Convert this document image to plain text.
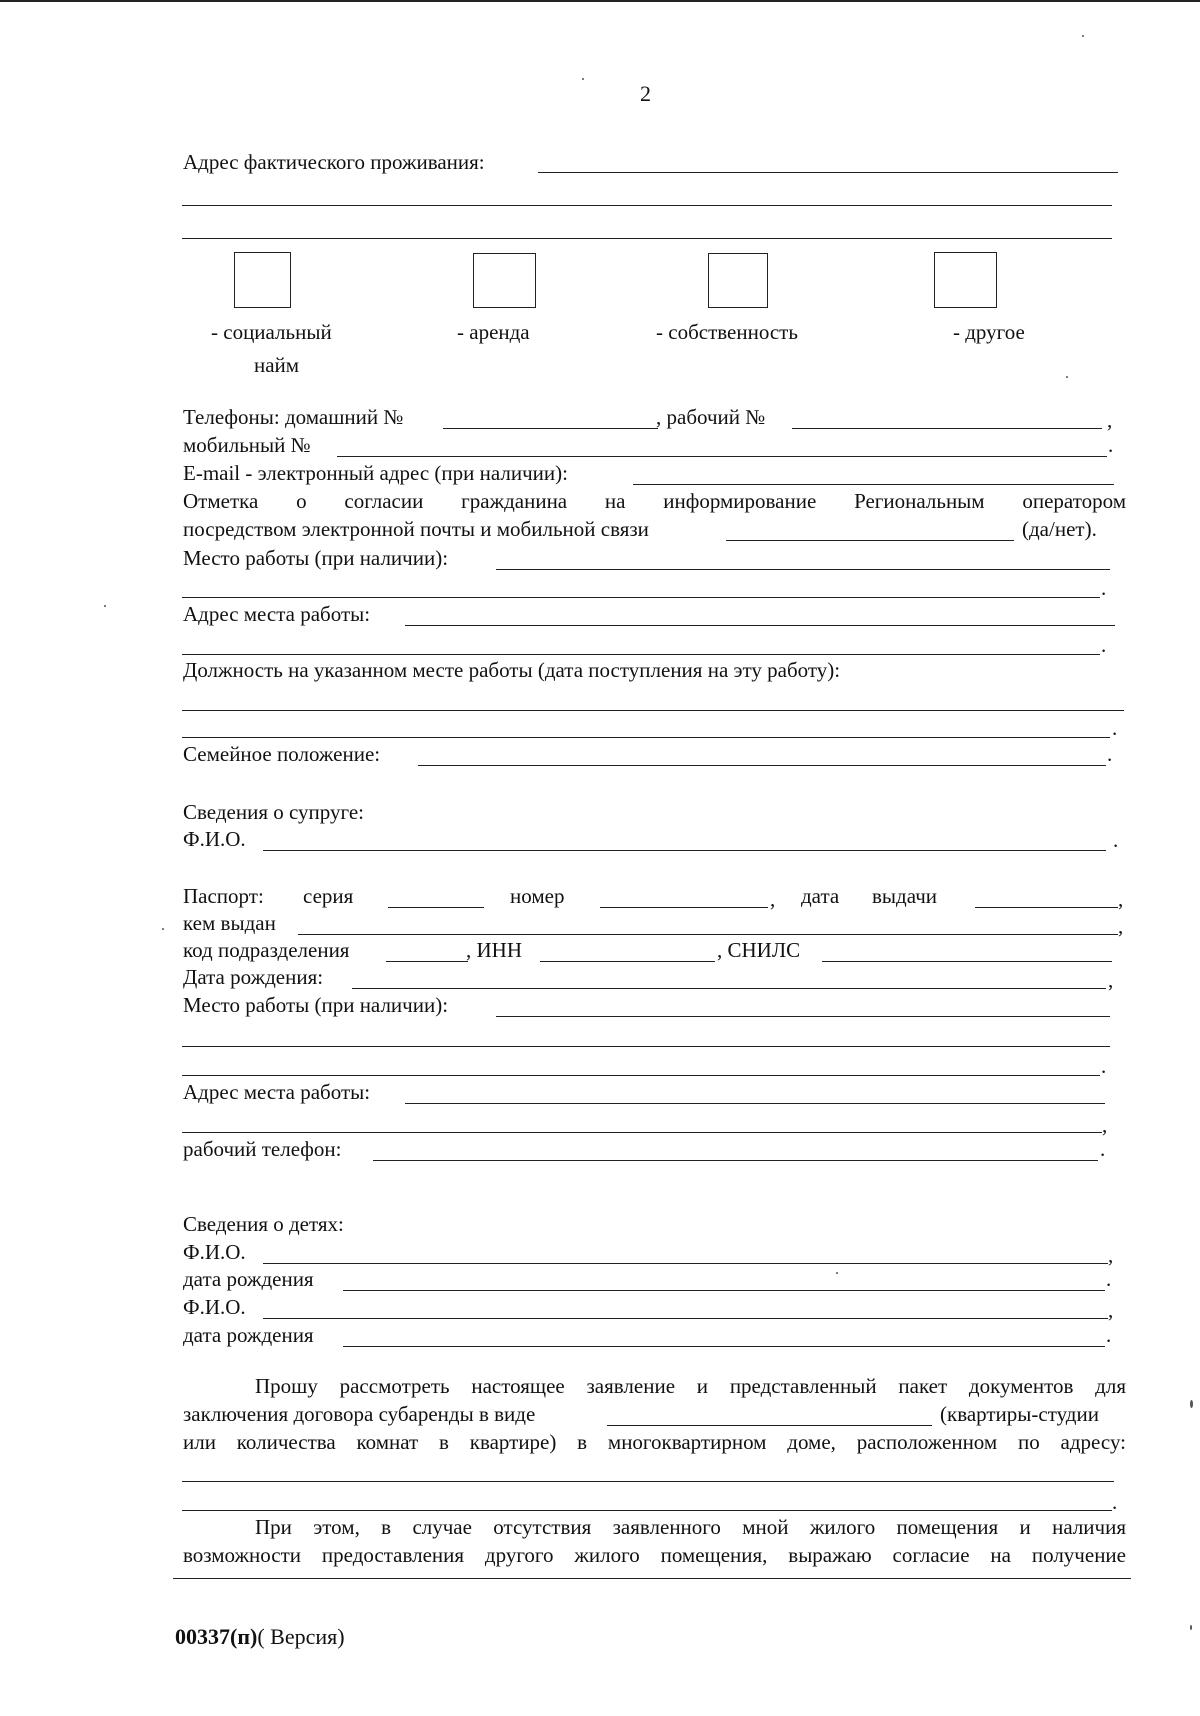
2
Адрес фактического проживания:
- социальный
найм
- аренда	- собственность	- другое
Телефоны: домашний №	, рабочий №	,
мобильный №	.
E-mail - электронный адрес (при наличии):
Отметка о согласии гражданина на информирование Региональным оператором
посредством электронной почты и мобильной связи	(да/нет).
Место работы (при наличии):
.
Адрес места работы:
.
Должность на указанном месте работы (дата поступления на эту работу):
.
Семейное положение:	.
Сведения о супруге:
Ф.И.О.	.
Паспорт: серия	номер	, дата выдачи	,
кем выдан	,
код подразделения	, ИНН	, СНИЛС
Дата рождения:	,
Место работы (при наличии):
.
Адрес места работы:
,
рабочий телефон:	.
Сведения о детях:
Ф.И.О.	,
дата рождения	.
Ф.И.О.	,
дата рождения	.
Прошу рассмотреть настоящее заявление и представленный пакет документов для
заключения договора субаренды в виде	(квартиры-студии
или количества комнат в квартире) в многоквартирном доме, расположенном по адресу:
.
При этом, в случае отсутствия заявленного мной жилого помещения и наличия
возможности предоставления другого жилого помещения, выражаю согласие на получение
00337(п)( Версия)
